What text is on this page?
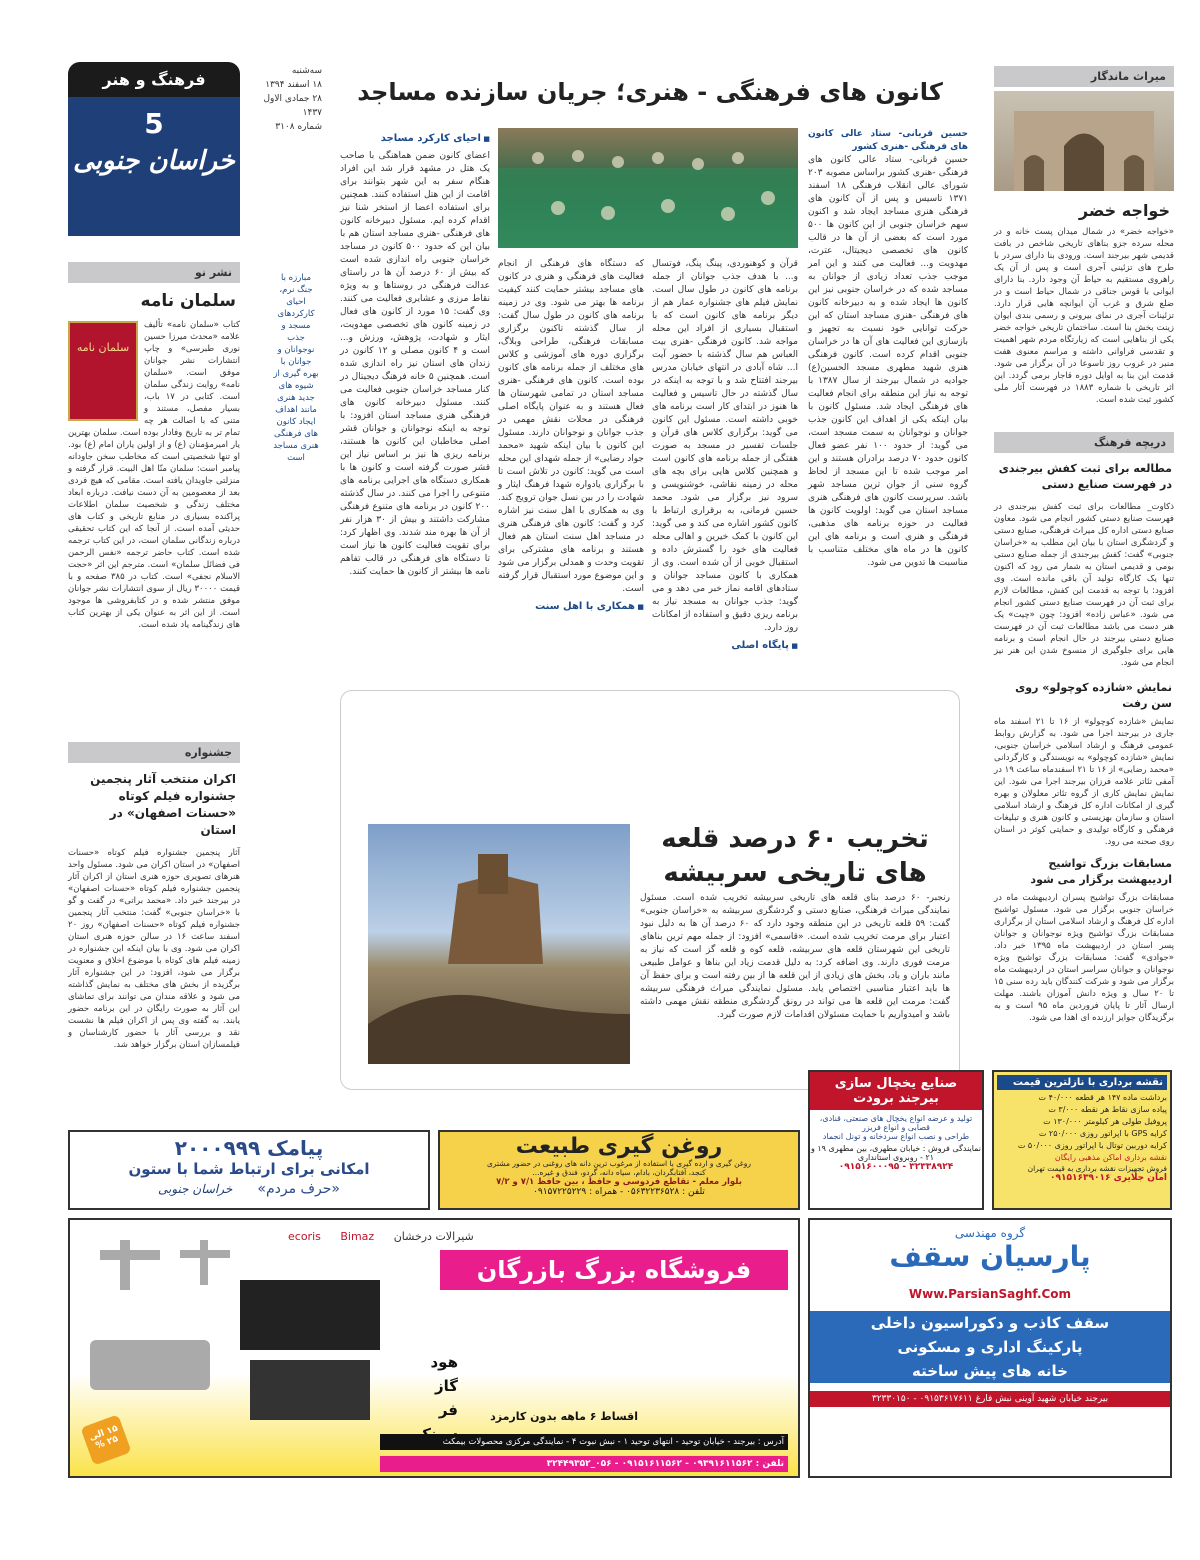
فرهنگ و هنر
5
خراسان جنوبی
سه‌شنبه
۱۸ اسفند ۱۳۹۴
۲۸ جمادی الاول ۱۴۳۷
شماره ۳۱۰۸
نشر نو
سلمان نامه
سلمان نامه
کتاب «سلمان نامه» تألیف علامه «محدث میرزا حسین نوری طبرسی» و چاپ انتشارات نشر جوانان موفق است. «سلمان نامه» روایت زندگی سلمان است. کتابی در ۱۷ باب، بسیار مفصل، مستند و متنی که با اصالت هر چه تمام تر به تاریخ وفادار بوده است. سلمان بهترین یار امیرمؤمنان (ع) و از اولین یاران امام (ع) بود. او تنها شخصیتی است که مخاطب سخن جاودانه پیامبر است: سلمان منّا اهل البیت. قرار گرفته و منزلتی جاویدان یافته است. مقامی که هیچ فردی بعد از معصومین به آن دست نیافت. درباره ابعاد مختلف زندگی و شخصیت سلمان اطلاعات پراکنده بسیاری در منابع تاریخی و کتاب های حدیثی آمده است. از آنجا که این کتاب تحقیقی درباره زندگانی سلمان است، در این کتاب ترجمه شده است. کتاب حاضر ترجمه «نفس الرحمن فی فضائل سلمان» است. مترجم این اثر «حجت الاسلام نجفی» است. کتاب در ۳۸۵ صفحه و با قیمت ۳۰۰۰۰ ریال از سوی انتشارات نشر جوانان موفق منتشر شده و در کتابفروشی ها موجود است. از این اثر به عنوان یکی از بهترین کتاب های زندگینامه یاد شده است.
جشنواره
اکران منتخب آثار پنجمین جشنواره فیلم کوتاه «حسنات اصفهان» در استان
آثار پنجمین جشنواره فیلم کوتاه «حسنات اصفهان» در استان اکران می شود. مسئول واحد هنرهای تصویری حوزه هنری استان از اکران آثار پنجمین جشنواره فیلم کوتاه «حسنات اصفهان» در بیرجند خبر داد. «محمد براتی» در گفت و گو با «خراسان جنوبی» گفت: منتخب آثار پنجمین جشنواره فیلم کوتاه «حسنات اصفهان» روز ۲۰ اسفند ساعت ۱۶ در سالن حوزه هنری استان اکران می شود. وی با بیان اینکه این جشنواره در زمینه فیلم های کوتاه با موضوع اخلاق و معنویت برگزار می شود، افزود: در این جشنواره آثار برگزیده از بخش های مختلف به نمایش گذاشته می شود و علاقه مندان می توانند برای تماشای این آثار به صورت رایگان در این برنامه حضور یابند. به گفته وی پس از اکران فیلم ها نشست نقد و بررسی آثار با حضور کارشناسان و فیلمسازان استان برگزار خواهد شد.
مبارزه با جنگ نرم، احیای کارکردهای مسجد و جذب نوجوانان و جوانان با بهره گیری از شیوه های جدید هنری مانند اهداف ایجاد کانون های فرهنگی هنری مساجد است
کانون های فرهنگی - هنری؛ جریان سازنده مساجد
حسین قربانی- ستاد عالی کانون های فرهنگی -هنری کشور
حسین قربانی- ستاد عالی کانون های فرهنگی -هنری کشور براساس مصوبه ۲۰۳ شورای عالی انقلاب فرهنگی ۱۸ اسفند ۱۳۷۱ تاسیس و پس از آن کانون های فرهنگی هنری مساجد ایجاد شد و اکنون سهم خراسان جنوبی از این کانون ها ۵۰۰ مورد است که بعضی از آن ها در قالب کانون های تخصصی دیجیتال، عترت، مهدویت و... فعالیت می کنند و این امر موجب جذب تعداد زیادی از جوانان به مساجد شده که در خراسان جنوبی نیز این کانون ها ایجاد شده و به دبیرخانه کانون های فرهنگی -هنری مساجد استان که این حرکت توانایی خود نسبت به تجهیز و بازسازی این فعالیت های آن ها در خراسان جنوبی اقدام کرده است. کانون فرهنگی هنری شهید مطهری مسجد الحسین(ع) جوادیه در شمال بیرجند از سال ۱۳۸۷ با توجه به نیاز این منطقه برای انجام فعالیت های فرهنگی ایجاد شد. مسئول کانون با بیان اینکه یکی از اهداف این کانون جذب جوانان و نوجوانان به سمت مسجد است، می گوید: از حدود ۱۰۰ نفر عضو فعال کانون حدود ۷۰ درصد برادران هستند و این امر موجب شده تا این مسجد از لحاظ گروه سنی از جوان ترین مساجد شهر باشد. سرپرست کانون های فرهنگی هنری مساجد استان می گوید: اولویت کانون ها فعالیت در حوزه برنامه های مذهبی، فرهنگی و هنری است و برنامه های این کانون ها در ماه های مختلف متناسب با مناسبت ها تدوین می شود.
قرآن و کوهنوردی، پینگ پنگ، فوتسال و... با هدف جذب جوانان از جمله برنامه های کانون در طول سال است. نمایش فیلم های جشنواره عمار هم از دیگر برنامه های کانون است که با استقبال بسیاری از افراد این محله مواجه شد. کانون فرهنگی -هنری بیت العباس هم سال گذشته با حضور آیت ا... شاه آبادی در انتهای خیابان مدرس بیرجند افتتاح شد و با توجه به اینکه در سال گذشته در حال تاسیس و فعالیت ها هنوز در ابتدای کار است برنامه های خوبی داشته است. مسئول این کانون می گوید: برگزاری کلاس های قرآن و جلسات تفسیر در مسجد به صورت هفتگی از جمله برنامه های کانون است و همچنین کلاس هایی برای بچه های محله در زمینه نقاشی، خوشنویسی و سرود نیز برگزار می شود. محمد حسین فرمانی، به برقراری ارتباط با کانون کشور اشاره می کند و می گوید: این کانون با کمک خیرین و اهالی محله فعالیت های خود را گسترش داده و استقبال خوبی از آن شده است. وی از همکاری با کانون مساجد جوانان و ستادهای اقامه نماز خبر می دهد و می گوید: جذب جوانان به مسجد نیاز به برنامه ریزی دقیق و استفاده از امکانات روز دارد.
■ پایگاه اصلی
که دستگاه های فرهنگی از انجام فعالیت های فرهنگی و هنری در کانون های مساجد بیشتر حمایت کنند کیفیت برنامه ها بهتر می شود. وی در زمینه برنامه های کانون در طول سال گفت: از سال گذشته تاکنون برگزاری مسابقات فرهنگی، طراحی وبلاگ، برگزاری دوره های آموزشی و کلاس های مختلف از جمله برنامه های کانون بوده است. کانون های فرهنگی -هنری مساجد استان در تمامی شهرستان ها فعال هستند و به عنوان پایگاه اصلی فرهنگی در محلات نقش مهمی در جذب جوانان و نوجوانان دارند. مسئول این کانون با بیان اینکه شهید «محمد جواد رضایی» از جمله شهدای این محله است می گوید: کانون در تلاش است تا با برگزاری یادواره شهدا فرهنگ ایثار و شهادت را در بین نسل جوان ترویج کند. وی به همکاری با اهل سنت نیز اشاره کرد و گفت: کانون های فرهنگی هنری در مساجد اهل سنت استان هم فعال هستند و برنامه های مشترکی برای تقویت وحدت و همدلی برگزار می شود و این موضوع مورد استقبال قرار گرفته است.
■ همکاری با اهل سنت
■ احیای کارکرد مساجد
اعضای کانون ضمن هماهنگی با صاحب یک هتل در مشهد قرار شد این افراد هنگام سفر به این شهر بتوانند برای اقامت از این هتل استفاده کنند. همچنین برای استفاده اعضا از استخر شنا نیز اقدام کرده ایم. مسئول دبیرخانه کانون های فرهنگی -هنری مساجد استان هم با بیان این که حدود ۵۰۰ کانون در مساجد خراسان جنوبی راه اندازی شده است که بیش از ۶۰ درصد آن ها در راستای عدالت فرهنگی در روستاها و به ویژه نقاط مرزی و عشایری فعالیت می کنند. وی گفت: ۱۵ مورد از کانون های فعال در زمینه کانون های تخصصی مهدویت، ایثار و شهادت، پژوهش، ورزش و... است و ۴ کانون مصلی و ۱۲ کانون در زندان های استان نیز راه اندازی شده است. همچنین ۵ خانه فرهنگ دیجیتال در کنار مساجد خراسان جنوبی فعالیت می کنند. مسئول دبیرخانه کانون های فرهنگی هنری مساجد استان افزود: با توجه به اینکه نوجوانان و جوانان قشر اصلی مخاطبان این کانون ها هستند، برنامه ریزی ها نیز بر اساس نیاز این قشر صورت گرفته است و کانون ها با همکاری دستگاه های اجرایی برنامه های متنوعی را اجرا می کنند. در سال گذشته ۲۰۰ کانون در برنامه های متنوع فرهنگی مشارکت داشتند و بیش از ۳۰ هزار نفر از آن ها بهره مند شدند. وی اظهار کرد: برای تقویت فعالیت کانون ها نیاز است تا دستگاه های فرهنگی در قالب تفاهم نامه ها بیشتر از کانون ها حمایت کنند.
تخریب ۶۰ درصد قلعه های تاریخی سربیشه
رنجبر- ۶۰ درصد بنای قلعه های تاریخی سربیشه تخریب شده است. مسئول نمایندگی میراث فرهنگی، صنایع دستی و گردشگری سربیشه به «خراسان جنوبی» گفت: ۵۹ قلعه تاریخی در این منطقه وجود دارد که ۶۰ درصد آن ها به دلیل نبود اعتبار برای مرمت تخریب شده است. «قاسمی» افزود: از جمله مهم ترین بناهای تاریخی این شهرستان قلعه های سربیشه، قلعه کوه و قلعه گز است که نیاز به مرمت فوری دارند. وی اضافه کرد: به دلیل قدمت زیاد این بناها و عوامل طبیعی مانند باران و باد، بخش های زیادی از این قلعه ها از بین رفته است و برای حفظ آن ها باید اعتبار مناسبی اختصاص یابد. مسئول نمایندگی میراث فرهنگی سربیشه گفت: مرمت این قلعه ها می تواند در رونق گردشگری منطقه نقش مهمی داشته باشد و امیدواریم با حمایت مسئولان اقدامات لازم صورت گیرد.
میراث ماندگار
خواجه خضر
«خواجه خضر» در شمال میدان پست خانه و در محله سرده جزو بناهای تاریخی شاخص در بافت قدیمی شهر بیرجند است. ورودی بنا دارای سردر با طرح های تزئینی آجری است و پس از آن یک راهروی مستقیم به حیاط آن وجود دارد. بنا دارای ایوانی با قوس جناقی در شمال حیاط است و در ضلع شرق و غرب آن ایوانچه هایی قرار دارد. تزئینات آجری در نمای بیرونی و رسمی بندی ایوان زینت بخش بنا است. ساختمان تاریخی خواجه خضر یکی از بناهایی است که زیارتگاه مردم شهر اهمیت و تقدسی فراوانی داشته و مراسم معنوی هفت منبر در غروب روز تاسوعا در آن برگزار می شود. قدمت این بنا به اوایل دوره قاجار برمی گردد. این اثر تاریخی با شماره ۱۸۸۳ در فهرست آثار ملی کشور ثبت شده است.
دریچه فرهنگ
مطالعه برای ثبت کفش بیرجندی در فهرست صنایع دستی
ذکاوت_ مطالعات برای ثبت کفش بیرجندی در فهرست صنایع دستی کشور انجام می شود. معاون صنایع دستی اداره کل میراث فرهنگی، صنایع دستی و گردشگری استان با بیان این مطلب به «خراسان جنوبی» گفت: کفش بیرجندی از جمله صنایع دستی بومی و قدیمی استان به شمار می رود که اکنون تنها یک کارگاه تولید آن باقی مانده است. وی افزود: با توجه به قدمت این کفش، مطالعات لازم برای ثبت آن در فهرست صنایع دستی کشور انجام می شود. «عباس زاده» افزود: چون «چیت» یک هنر دست می باشد مطالعات ثبت آن در فهرست صنایع دستی بیرجند در حال انجام است و برنامه هایی برای جلوگیری از منسوخ شدن این هنر نیز انجام می شود.
نمایش «شازده کوچولو» روی سن رفت
نمایش «شازده کوچولو» از ۱۶ تا ۲۱ اسفند ماه جاری در بیرجند اجرا می شود. به گزارش روابط عمومی فرهنگ و ارشاد اسلامی خراسان جنوبی، نمایش «شازده کوچولو» به نویسندگی و کارگردانی «محمد رضایی» از ۱۶ تا ۲۱ اسفندماه ساعت ۱۹ در آمفی تئاتر علامه فرزان بیرجند اجرا می شود. این نمایش نمایش کاری از گروه تئاتر معلولان و بهره گیری از امکانات اداره کل فرهنگ و ارشاد اسلامی استان و سازمان بهزیستی و کانون هنری و تبلیغات فرهنگی و کارگاه تولیدی و حمایتی کوثر در استان روی صحنه می رود.
مسابقات بزرگ تواشیح اردیبهشت برگزار می شود
مسابقات بزرگ تواشیح پسران اردیبهشت ماه در خراسان جنوبی برگزار می شود. مسئول تواشیح اداره کل فرهنگ و ارشاد اسلامی استان از برگزاری مسابقات بزرگ تواشیح ویژه نوجوانان و جوانان پسر استان در اردیبهشت ماه ۱۳۹۵ خبر داد. «جوادی» گفت: مسابقات بزرگ تواشیح ویژه نوجوانان و جوانان سراسر استان در اردیبهشت ماه برگزار می شود و شرکت کنندگان باید رده سنی ۱۵ تا ۲۰ سال و ویژه دانش آموزان باشند. مهلت ارسال آثار تا پایان فروردین ماه ۹۵ است و به برگزیدگان جوایز ارزنده ای اهدا می شود.
پیامک ۲۰۰۰۹۹۹
امکانی برای ارتباط شما با ستون
«حرف مردم» خراسان جنوبی
روغن گیری طبیعت
روغن گیری و ارده گیری با استفاده از مرغوب ترین دانه های روغنی در حضور مشتری
کنجد، آفتابگردان، بادام، سیاه دانه، گردو، فندق و غیره...
بلوار معلم - تقاطع فردوسی و حافظ ، بین حافظ ۷/۱ و ۷/۲
تلفن : ۰۵۶۳۲۲۳۶۵۲۸ - همراه : ۰۹۱۵۷۲۲۵۲۲۹
صنایع یخچال سازی بیرجند برودت
تولید و عرضه انواع یخچال های صنعتی، قنادی، قصابی و انواع فریزر
طراحی و نصب انواع سردخانه و تونل انجماد
نمایندگی فروش : خیابان مطهری، بین مطهری ۱۹ و ۲۱ - روبروی استانداری
۳۲۳۳۸۹۲۴ - ۰۹۱۵۱۶۰۰۰۹۵
نقشه برداری با نازلترین قیمت
برداشت ماده ۱۴۷ هر قطعه ۴۰/۰۰۰ ت
پیاده سازی نقاط هر نقطه ۳/۰۰۰ ت
پروفیل طولی هر کیلومتر ۱۳۰/۰۰۰ ت
کرایه GPS با اپراتور روزی ۲۵۰/۰۰۰ ت
کرایه دوربین توتال با اپراتور روزی ۵۰/۰۰۰ ت
نقشه برداری اماکن مذهبی رایگان
فروش تجهیزات نقشه برداری به قیمت تهران
امان جلایری ۰۹۱۵۱۶۳۹۰۱۶
شیرالات درخشان ecoris Bimaz
فروشگاه بزرگ بازرگان
هود
گاز
فر	اقساط ۶ ماهه بدون کارمزد
آدرس : بیرجند - خیابان توحید - انتهای توحید ۱ - نبش نبوت ۴ - نمایندگی مرکزی محصولات بیمکث
تلفن : ۰۹۳۹۱۶۱۱۵۶۲ - ۰۹۱۵۱۶۱۱۵۶۲ - ۰۵۶_۳۲۴۴۹۳۵۲
۱۵ الی ۲۵ %
گروه مهندسی
پارسیان سقف
Www.ParsianSaghf.Com
سقف کاذب و دکوراسیون داخلی
پارکینگ اداری و مسکونی
خانه های پیش ساخته
بیرجند خیابان شهید آوینی نبش فارغ ۰۹۱۵۳۶۱۷۶۱۱ - ۳۲۳۳۰۱۵۰
